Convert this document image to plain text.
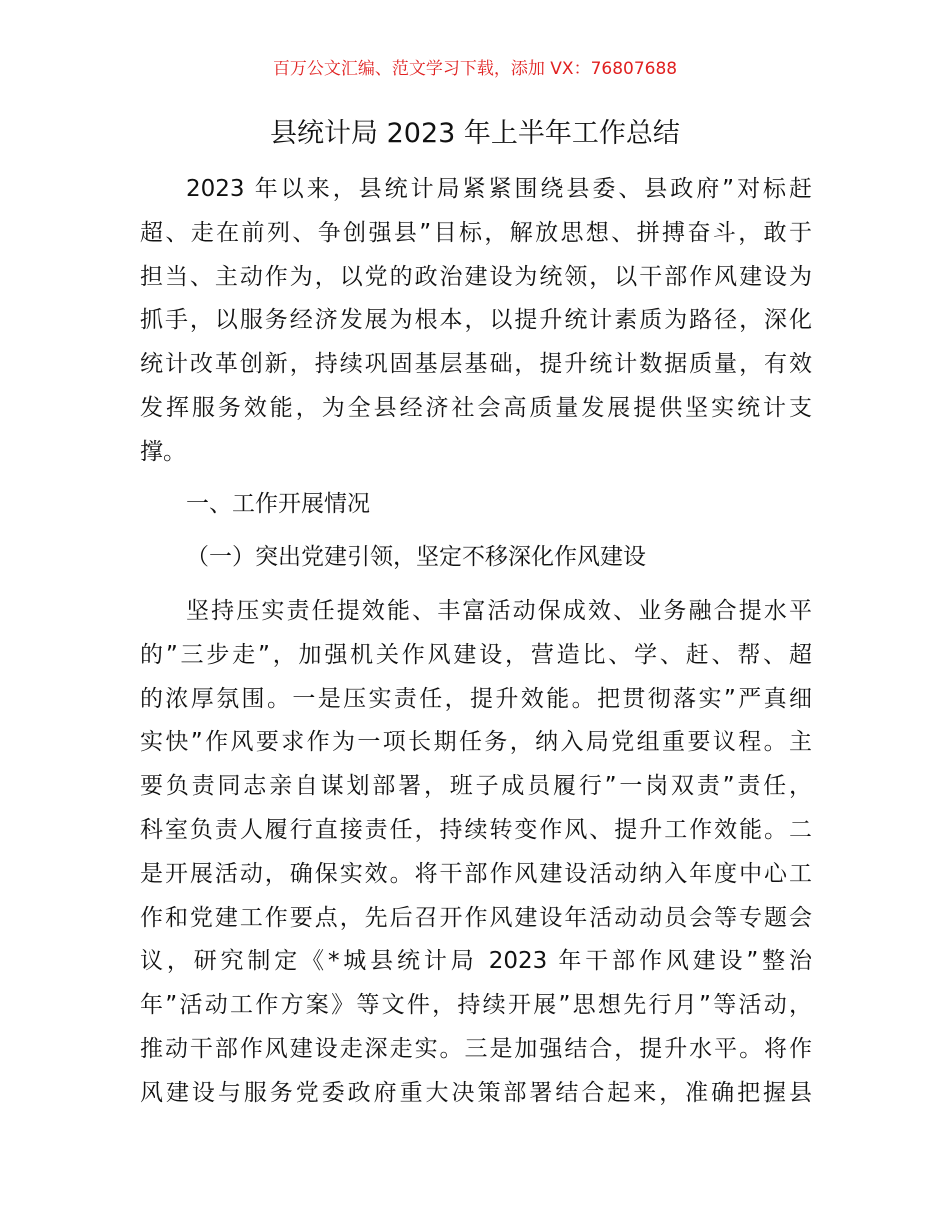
百万公文汇编、范文学习下载，添加 VX：76807688
县统计局 2023 年上半年工作总结
2023 年以来，县统计局紧紧围绕县委、县政府”对标赶
超、走在前列、争创强县”目标，解放思想、拼搏奋斗，敢于
担当、主动作为，以党的政治建设为统领，以干部作风建设为
抓手，以服务经济发展为根本，以提升统计素质为路径，深化
统计改革创新，持续巩固基层基础，提升统计数据质量，有效
发挥服务效能，为全县经济社会高质量发展提供坚实统计支
撑。
一、工作开展情况
（一）突出党建引领，坚定不移深化作风建设
坚持压实责任提效能、丰富活动保成效、业务融合提水平
的”三步走”，加强机关作风建设，营造比、学、赶、帮、超
的浓厚氛围。一是压实责任，提升效能。把贯彻落实”严真细
实快”作风要求作为一项长期任务，纳入局党组重要议程。主
要负责同志亲自谋划部署，班子成员履行”一岗双责”责任，
科室负责人履行直接责任，持续转变作风、提升工作效能。二
是开展活动，确保实效。将干部作风建设活动纳入年度中心工
作和党建工作要点，先后召开作风建设年活动动员会等专题会
议，研究制定《*城县统计局 2023 年干部作风建设”整治
年”活动工作方案》等文件，持续开展”思想先行月”等活动，
推动干部作风建设走深走实。三是加强结合，提升水平。将作
风建设与服务党委政府重大决策部署结合起来，准确把握县
